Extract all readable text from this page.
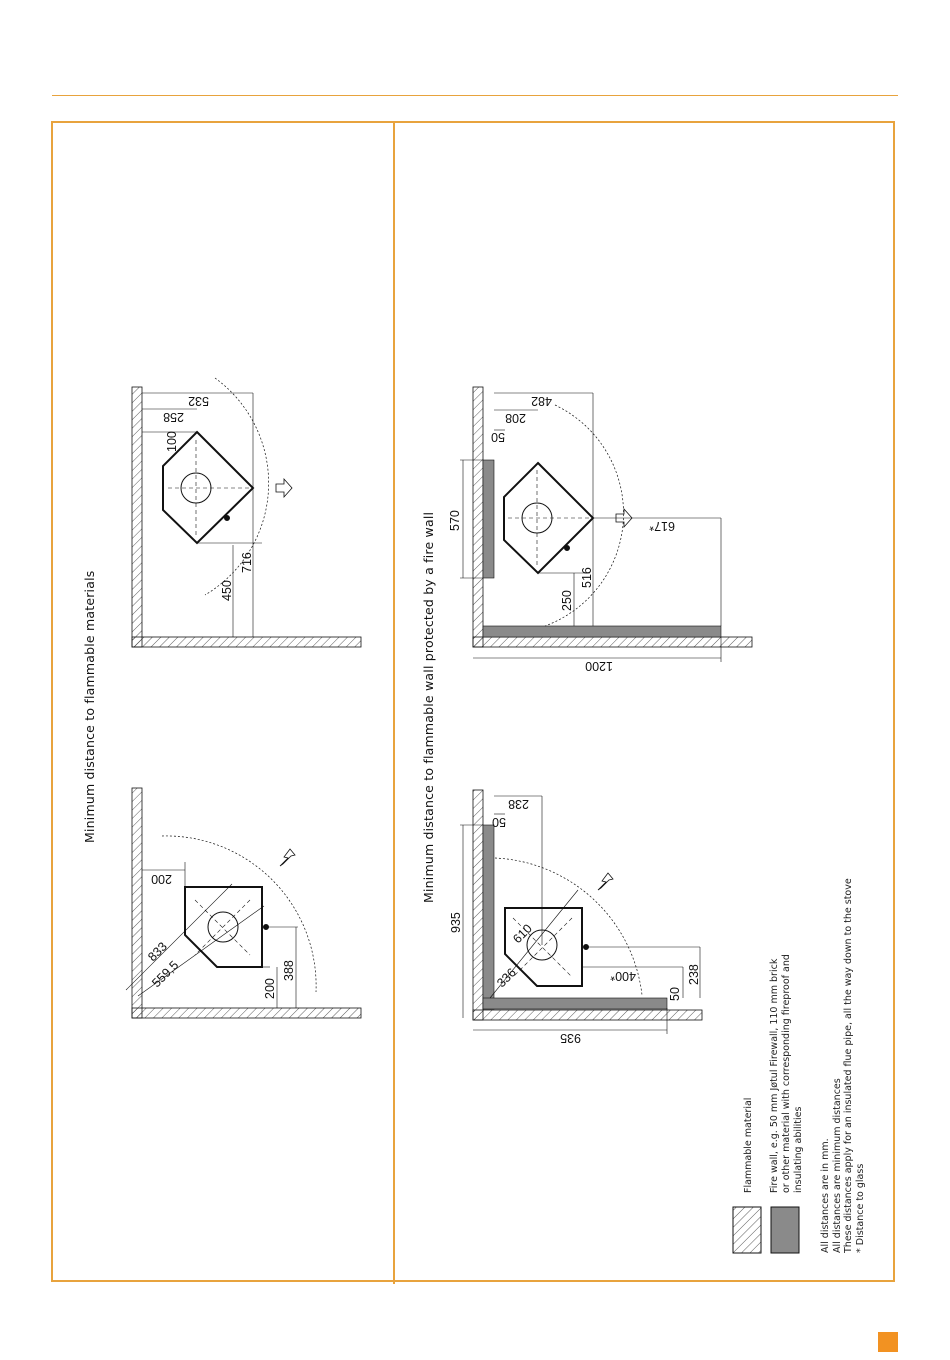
200
833
559,5	200
388
532
258
100
716
450
238
50
935	610
336	400*
50
238
935
482
208
50
570	617*
516
250
1200
Minimum distance to flammable materials	Minimum distance to flammable wall protected by a fire wall
Flammable material Fire wall, e.g. 50 mm Jøtul Firewall, 110 mm brick or other material with corresponding fireproof and insulating abilities All distances are in mm. All distances are minimum distances These distances apply for an insulated flue pipe, all the way down to the stove * Distance to glass
